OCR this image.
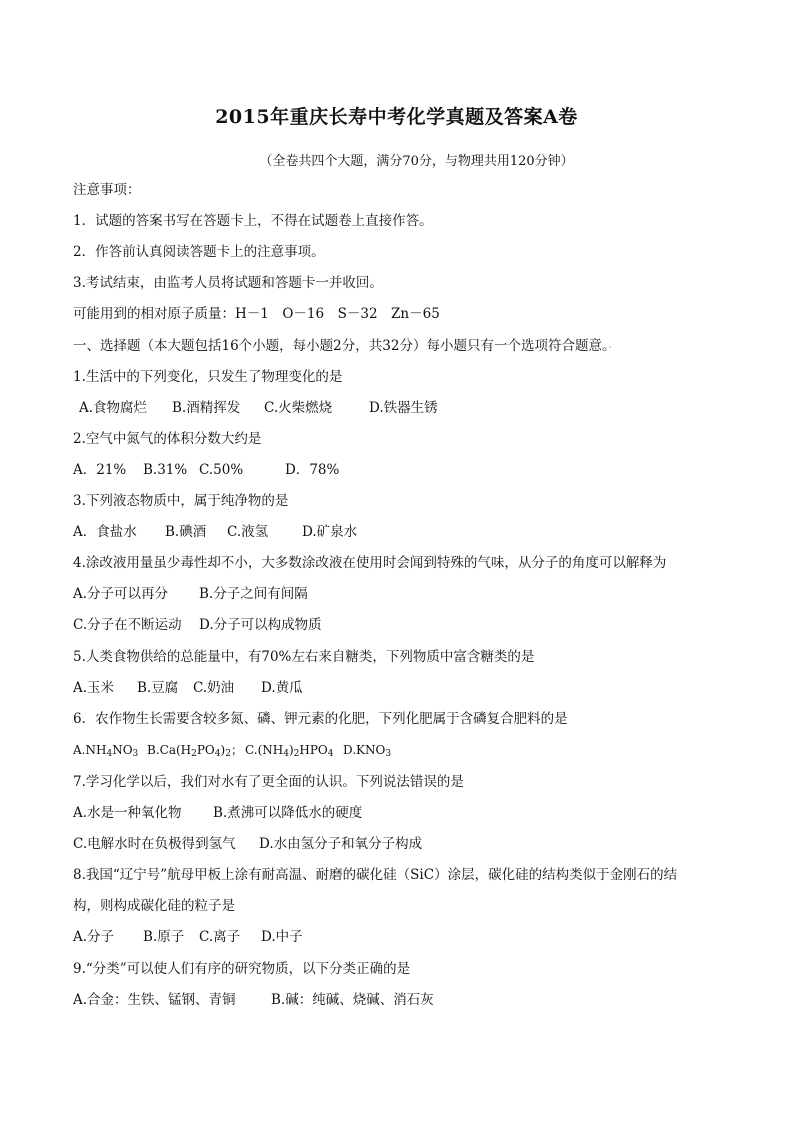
2015年重庆长寿中考化学真题及答案A卷
（全卷共四个大题，满分70分，与物理共用120分钟）
注意事项：
1．试题的答案书写在答题卡上，不得在试题卷上直接作答。
2．作答前认真阅读答题卡上的注意事项。
3.考试结束，由监考人员将试题和答题卡一并收回。
可能用到的相对原子质量：H－1　O－16　S－32　Zn－65
一、选择题（本大题包括16个小题，每小题2分，共32分）每小题只有一个选项符合题意。·
1.生活中的下列变化，只发生了物理变化的是
A.食物腐烂 B.酒精挥发 C.火柴燃烧	D.铁器生锈
2.空气中氮气的体积分数大约是
A．21% B.31% C.50%	D．78%
3.下列液态物质中，属于纯净物的是
A．食盐水 B.碘酒 C.液氢	D.矿泉水
4.涂改液用量虽少毒性却不小，大多数涂改液在使用时会闻到特殊的气味，从分子的角度可以解释为
A.分子可以再分 B.分子之间有间隔
C.分子在不断运动 D.分子可以构成物质
5.人类食物供给的总能量中，有70%左右来自糖类，下列物质中富含糖类的是
A.玉米 B.豆腐 C.奶油 D.黄瓜
6．农作物生长需要含较多氮、磷、钾元素的化肥，下列化肥属于含磷复合肥料的是
$A.NH_4NO_3$ $B.Ca(H_2PO_4)_2$； $C.(NH_4)_2HPO_4$ $D.KNO_3$
7.学习化学以后，我们对水有了更全面的认识。下列说法错误的是
A.水是一种氧化物 B.煮沸可以降低水的硬度
C.电解水时在负极得到氢气 D.水由氢分子和氧分子构成
8.我国“辽宁号”航母甲板上涂有耐高温、耐磨的碳化硅（SiC）涂层，碳化硅的结构类似于金刚石的结
构，则构成碳化硅的粒子是
A.分子 B.原子 C.离子 D.中子
9.“分类”可以使人们有序的研究物质，以下分类正确的是
A.合金：生铁、锰钢、青铜	B.碱：纯碱、烧碱、消石灰
